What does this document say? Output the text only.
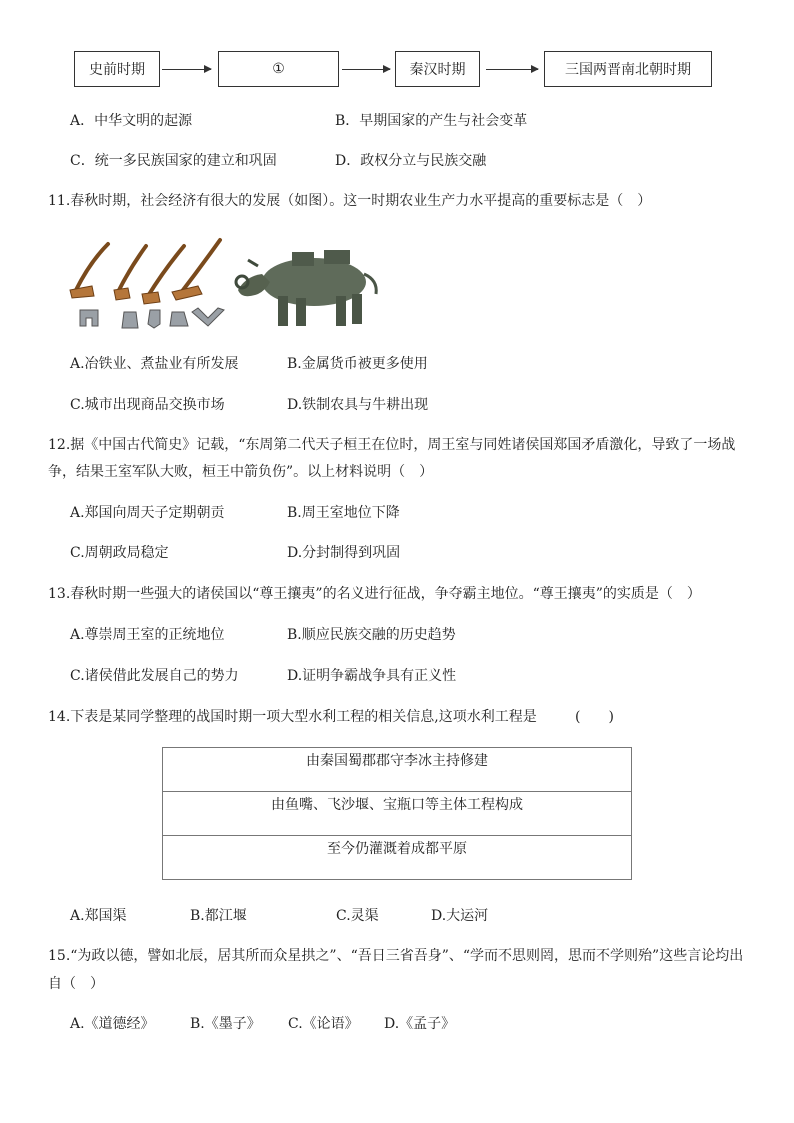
史前时期	①	秦汉时期	三国两晋南北朝时期
A．中华文明的起源	B．早期国家的产生与社会变革
C．统一多民族国家的建立和巩固	D．政权分立与民族交融
11.春秋时期，社会经济有很大的发展（如图）。这一时期农业生产力水平提高的重要标志是（　）
A.冶铁业、煮盐业有所发展	B.金属货币被更多使用
C.城市出现商品交换市场	D.铁制农具与牛耕出现
12.据《中国古代简史》记载，“东周第二代天子桓王在位时，周王室与同姓诸侯国郑国矛盾激化，导致了一场战
争，结果王室军队大败，桓王中箭负伤”。以上材料说明（　）
A.郑国向周天子定期朝贡	B.周王室地位下降
C.周朝政局稳定	D.分封制得到巩固
13.春秋时期一些强大的诸侯国以“尊王攘夷”的名义进行征战，争夺霸主地位。“尊王攘夷”的实质是（　）
A.尊崇周王室的正统地位	B.顺应民族交融的历史趋势
C.诸侯借此发展自己的势力	D.证明争霸战争具有正义性
14.下表是某同学整理的战国时期一项大型水利工程的相关信息,这项水利工程是	(　　)
由秦国蜀郡郡守李冰主持修建
由鱼嘴、飞沙堰、宝瓶口等主体工程构成
至今仍灌溉着成都平原
A.郑国渠	B.都江堰	C.灵渠	D.大运河
15.“为政以德，譬如北辰，居其所而众星拱之”、“吾日三省吾身”、“学而不思则罔，思而不学则殆”这些言论均出
自（　）
A.《道德经》	B.《墨子》 C.《论语》 D.《孟子》
